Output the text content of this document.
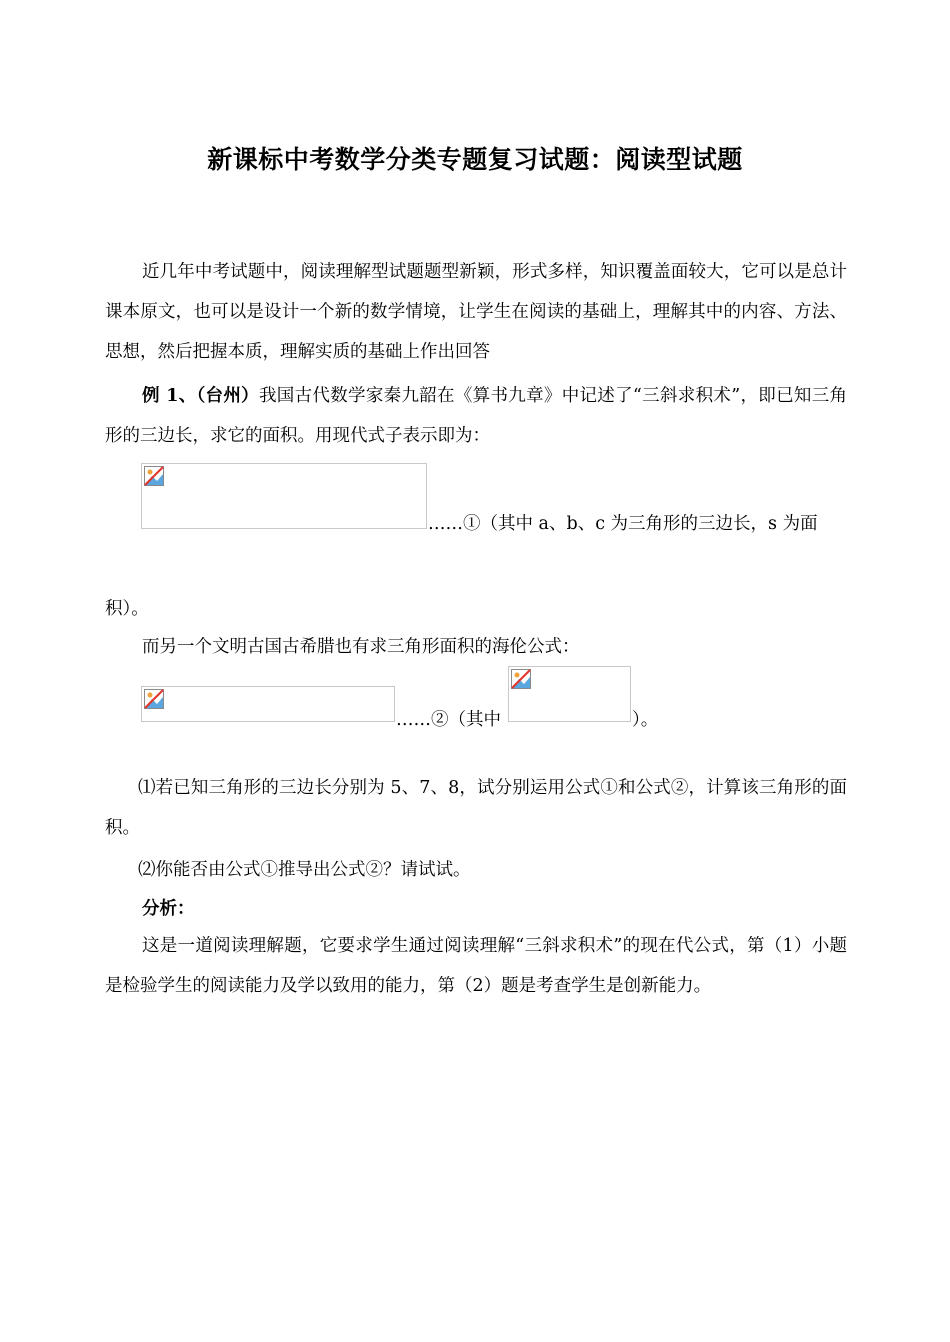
新课标中考数学分类专题复习试题：阅读型试题
近几年中考试题中，阅读理解型试题题型新颖，形式多样，知识覆盖面较大，它可以是总计课本原文，也可以是设计一个新的数学情境，让学生在阅读的基础上，理解其中的内容、方法、思想，然后把握本质，理解实质的基础上作出回答
例 1、（台州）我国古代数学家秦九韶在《算书九章》中记述了“三斜求积术”，即已知三角形的三边长，求它的面积。用现代式子表示即为：
……①（其中 a、b、c 为三角形的三边长，s 为面
积）。
而另一个文明古国古希腊也有求三角形面积的海伦公式：
……②（其中	）。
⑴若已知三角形的三边长分别为 5、7、8，试分别运用公式①和公式②，计算该三角形的面积。
⑵你能否由公式①推导出公式②？请试试。
分析：
这是一道阅读理解题，它要求学生通过阅读理解“三斜求积术”的现在代公式，第（1）小题是检验学生的阅读能力及学以致用的能力，第（2）题是考查学生是创新能力。
